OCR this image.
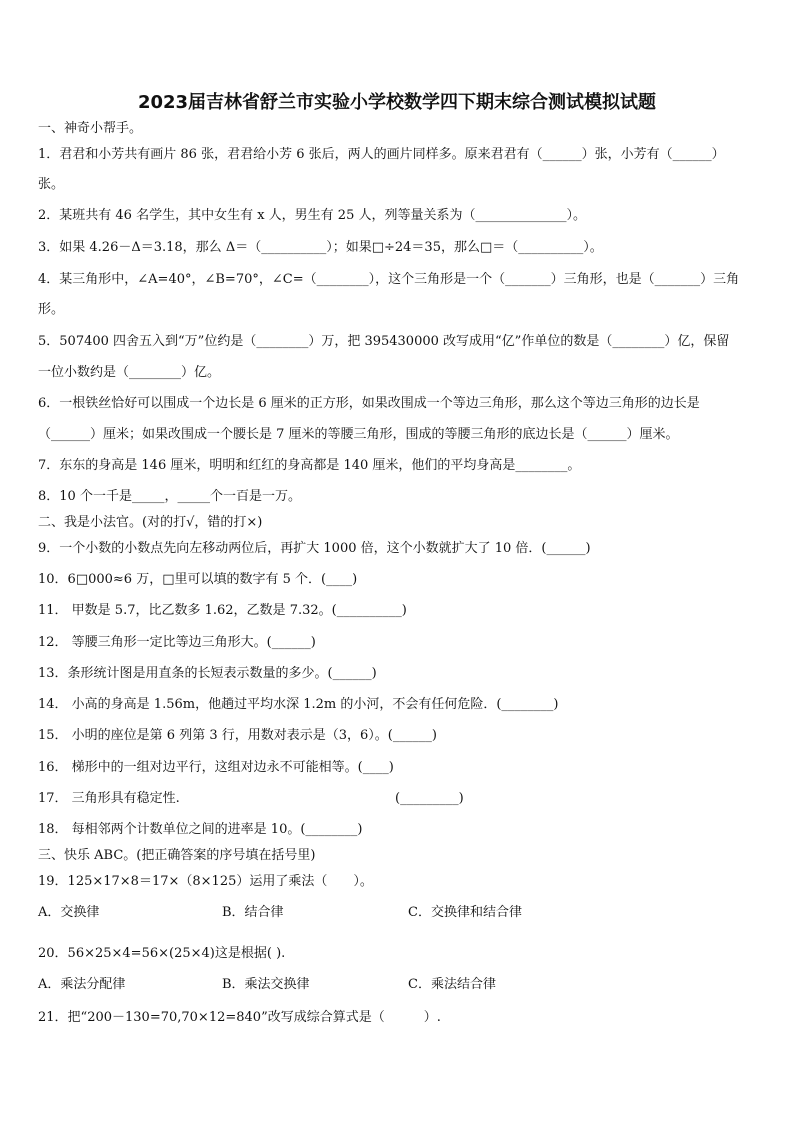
2023届吉林省舒兰市实验小学校数学四下期末综合测试模拟试题
一、神奇小帮手。
1．君君和小芳共有画片 86 张，君君给小芳 6 张后，两人的画片同样多。原来君君有（______）张，小芳有（______）
张。
2．某班共有 46 名学生，其中女生有 x 人，男生有 25 人，列等量关系为（______________）。
3．如果 4.26－Δ＝3.18，那么 Δ＝（__________）；如果□÷24＝35，那么□＝（__________）。
4．某三角形中，∠A=40°，∠B=70°，∠C=（________），这个三角形是一个（_______）三角形，也是（_______）三角
形。
5．507400 四舍五入到“万”位约是（________）万，把 395430000 改写成用“亿”作单位的数是（________）亿，保留
一位小数约是（________）亿。
6．一根铁丝恰好可以围成一个边长是 6 厘米的正方形，如果改围成一个等边三角形，那么这个等边三角形的边长是
（______）厘米；如果改围成一个腰长是 7 厘米的等腰三角形，围成的等腰三角形的底边长是（______）厘米。
7．东东的身高是 146 厘米，明明和红红的身高都是 140 厘米，他们的平均身高是________。
8．10 个一千是_____，_____个一百是一万。
二、我是小法官。(对的打√，错的打×)
9．一个小数的小数点先向左移动两位后，再扩大 1000 倍，这个小数就扩大了 10 倍．(______)
10．6□000≈6 万，□里可以填的数字有 5 个．(____)
11． 甲数是 5.7，比乙数多 1.62，乙数是 7.32。(__________)
12． 等腰三角形一定比等边三角形大。(______)
13．条形统计图是用直条的长短表示数量的多少。(______)
14． 小高的身高是 1.56m，他趟过平均水深 1.2m 的小河，不会有任何危险．(________)
15． 小明的座位是第 6 列第 3 行，用数对表示是（3，6）。(______)
16． 梯形中的一组对边平行，这组对边永不可能相等。(____)
17． 三角形具有稳定性.	(_________)
18． 每相邻两个计数单位之间的进率是 10。(________)
三、快乐 ABC。(把正确答案的序号填在括号里)
19．125×17×8＝17×（8×125）运用了乘法（　　）。
A．交换律	B．结合律	C．交换律和结合律
20．56×25×4=56×(25×4)这是根据( ).
A．乘法分配律	B．乘法交换律	C．乘法结合律
21．把“200－130=70,70×12=840”改写成综合算式是（　　　）.
